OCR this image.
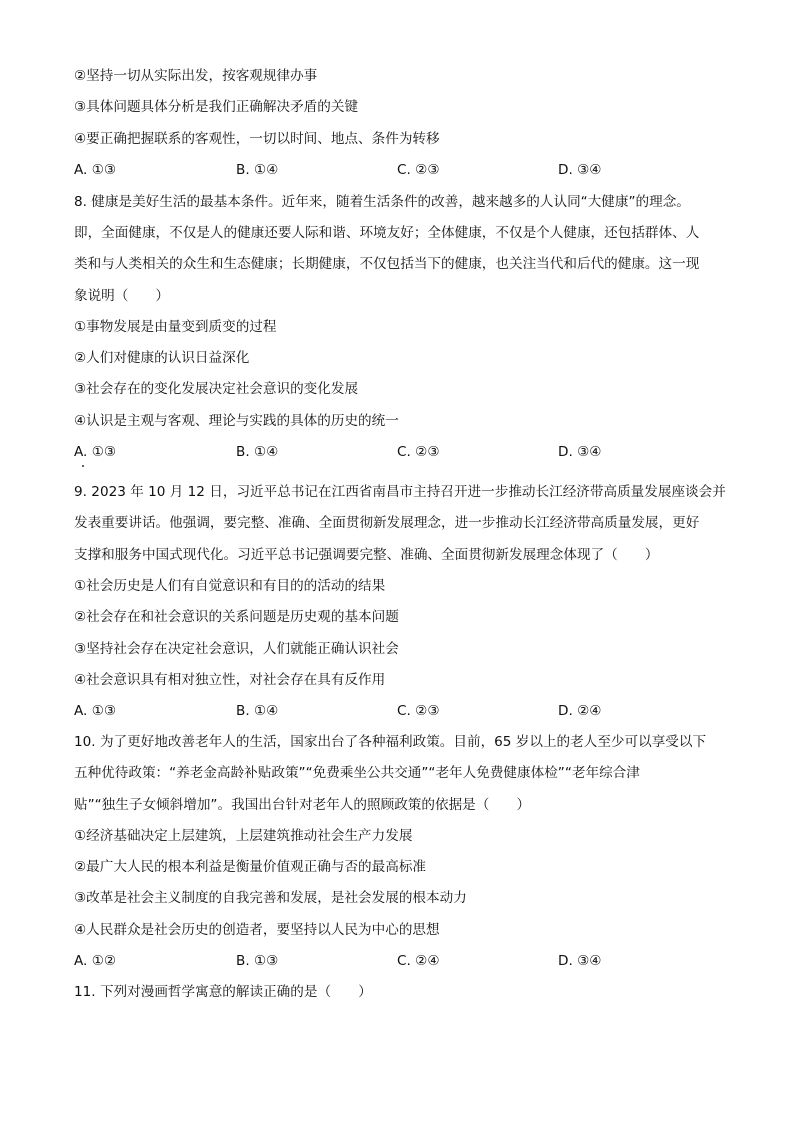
②坚持一切从实际出发，按客观规律办事
③具体问题具体分析是我们正确解决矛盾的关键
④要正确把握联系的客观性，一切以时间、地点、条件为转移
A. ①③	B. ①④	C. ②③	D. ③④
8. 健康是美好生活的最基本条件。近年来，随着生活条件的改善，越来越多的人认同“大健康”的理念。
即，全面健康，不仅是人的健康还要人际和谐、环境友好；全体健康，不仅是个人健康，还包括群体、人
类和与人类相关的众生和生态健康；长期健康，不仅包括当下的健康，也关注当代和后代的健康。这一现
象说明（　　）
①事物发展是由量变到质变的过程
②人们对健康的认识日益深化
③社会存在的变化发展决定社会意识的变化发展
④认识是主观与客观、理论与实践的具体的历史的统一
A. ①③	B. ①④	C. ②③	D. ③④
9. 2023 年 10 月 12 日，习近平总书记在江西省南昌市主持召开进一步推动长江经济带高质量发展座谈会并
发表重要讲话。他强调，要完整、准确、全面贯彻新发展理念，进一步推动长江经济带高质量发展，更好
支撑和服务中国式现代化。习近平总书记强调要完整、准确、全面贯彻新发展理念体现了（　　）
①社会历史是人们有自觉意识和有目的的活动的结果
②社会存在和社会意识的关系问题是历史观的基本问题
③坚持社会存在决定社会意识，人们就能正确认识社会
④社会意识具有相对独立性，对社会存在具有反作用
A. ①③	B. ①④	C. ②③	D. ②④
10. 为了更好地改善老年人的生活，国家出台了各种福利政策。目前，65 岁以上的老人至少可以享受以下
五种优待政策：“养老金高龄补贴政策”“免费乘坐公共交通”“老年人免费健康体检”“老年综合津
贴”“独生子女倾斜增加”。我国出台针对老年人的照顾政策的依据是（　　）
①经济基础决定上层建筑，上层建筑推动社会生产力发展
②最广大人民的根本利益是衡量价值观正确与否的最高标准
③改革是社会主义制度的自我完善和发展，是社会发展的根本动力
④人民群众是社会历史的创造者，要坚持以人民为中心的思想
A. ①②	B. ①③	C. ②④	D. ③④
11. 下列对漫画哲学寓意的解读正确的是（　　）
